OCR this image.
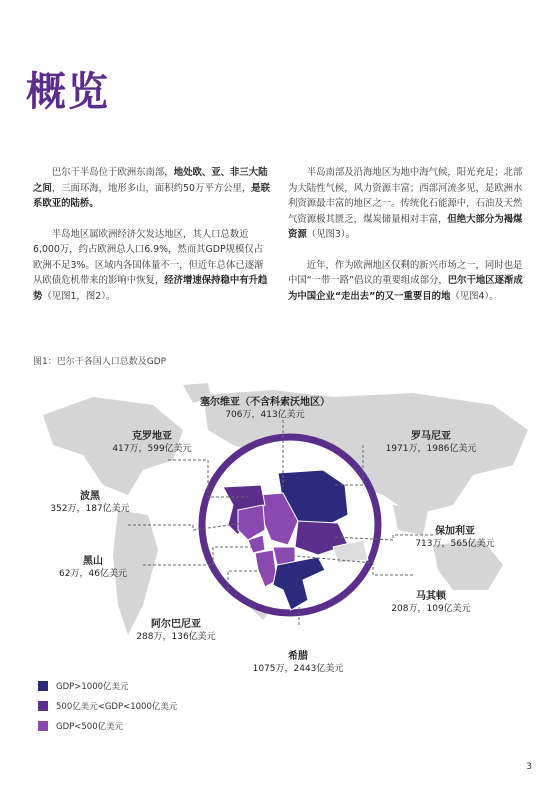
概览

巴尔干半岛位于欧洲东南部，地处欧、亚、非三大陆之间，三面环海，地形多山，面积约50万平方公里，是联系欧亚的陆桥。

半岛地区属欧洲经济欠发达地区，其人口总数近6,000万，约占欧洲总人口6.9%，然而其GDP规模仅占欧洲不足3%。区域内各国体量不一，但近年总体已逐渐从欧债危机带来的影响中恢复，经济增速保持稳中有升趋势（见图1，图2）。

半岛南部及沿海地区为地中海气候，阳光充足；北部为大陆性气候，风力资源丰富；西部河流多见，是欧洲水利资源最丰富的地区之一。传统化石能源中，石油及天然气资源极其匮乏，煤炭储量相对丰富，但绝大部分为褐煤资源（见图3）。

近年，作为欧洲地区仅剩的新兴市场之一，同时也是中国“一带一路”倡议的重要组成部分，巴尔干地区逐渐成为中国企业“走出去”的又一重要目的地（见图4）。

图1：巴尔干各国人口总数及GDP
塞尔维亚（不含科索沃地区）
706万，413亿美元
克罗地亚
417万，599亿美元
罗马尼亚
1971万，1986亿美元
波黑
352万，187亿美元
保加利亚
713万，565亿美元
黑山
62万，46亿美元
马其顿
208万，109亿美元
阿尔巴尼亚
288万，136亿美元
希腊
1075万，2443亿美元
GDP>1000亿美元
500亿美元<GDP<1000亿美元
GDP<500亿美元
3
